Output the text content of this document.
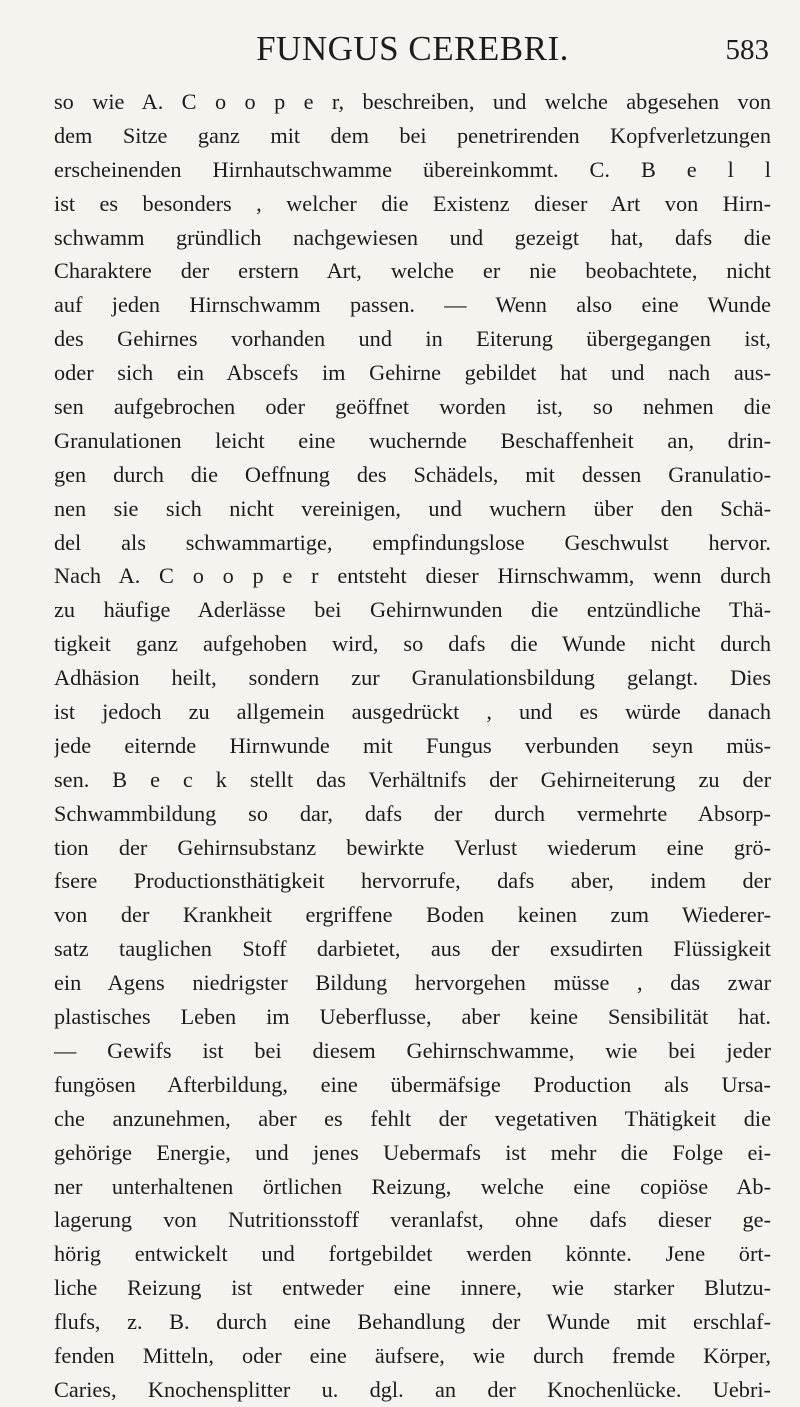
FUNGUS CEREBRI.	583
so wie A. C o o p e r, beschreiben, und welche abgesehen von
dem Sitze ganz mit dem bei penetrirenden Kopfverletzungen
erscheinenden Hirnhautschwamme übereinkommt. C. B e l l
ist es besonders , welcher die Existenz dieser Art von Hirn-
schwamm gründlich nachgewiesen und gezeigt hat, dafs die
Charaktere der erstern Art, welche er nie beobachtete, nicht
auf jeden Hirnschwamm passen. — Wenn also eine Wunde
des Gehirnes vorhanden und in Eiterung übergegangen ist,
oder sich ein Abscefs im Gehirne gebildet hat und nach aus-
sen aufgebrochen oder geöffnet worden ist, so nehmen die
Granulationen leicht eine wuchernde Beschaffenheit an, drin-
gen durch die Oeffnung des Schädels, mit dessen Granulatio-
nen sie sich nicht vereinigen, und wuchern über den Schä-
del als schwammartige, empfindungslose Geschwulst hervor.
Nach A. C o o p e r entsteht dieser Hirnschwamm, wenn durch
zu häufige Aderlässe bei Gehirnwunden die entzündliche Thä-
tigkeit ganz aufgehoben wird, so dafs die Wunde nicht durch
Adhäsion heilt, sondern zur Granulationsbildung gelangt. Dies
ist jedoch zu allgemein ausgedrückt , und es würde danach
jede eiternde Hirnwunde mit Fungus verbunden seyn müs-
sen. B e c k stellt das Verhältnifs der Gehirneiterung zu der
Schwammbildung so dar, dafs der durch vermehrte Absorp-
tion der Gehirnsubstanz bewirkte Verlust wiederum eine grö-
fsere Productionsthätigkeit hervorrufe, dafs aber, indem der
von der Krankheit ergriffene Boden keinen zum Wiederer-
satz tauglichen Stoff darbietet, aus der exsudirten Flüssigkeit
ein Agens niedrigster Bildung hervorgehen müsse , das zwar
plastisches Leben im Ueberflusse, aber keine Sensibilität hat.
— Gewifs ist bei diesem Gehirnschwamme, wie bei jeder
fungösen Afterbildung, eine übermäfsige Production als Ursa-
che anzunehmen, aber es fehlt der vegetativen Thätigkeit die
gehörige Energie, und jenes Uebermafs ist mehr die Folge ei-
ner unterhaltenen örtlichen Reizung, welche eine copiöse Ab-
lagerung von Nutritionsstoff veranlafst, ohne dafs dieser ge-
hörig entwickelt und fortgebildet werden könnte. Jene ört-
liche Reizung ist entweder eine innere, wie starker Blutzu-
flufs, z. B. durch eine Behandlung der Wunde mit erschlaf-
fenden Mitteln, oder eine äufsere, wie durch fremde Körper,
Caries, Knochensplitter u. dgl. an der Knochenlücke. Uebri-
